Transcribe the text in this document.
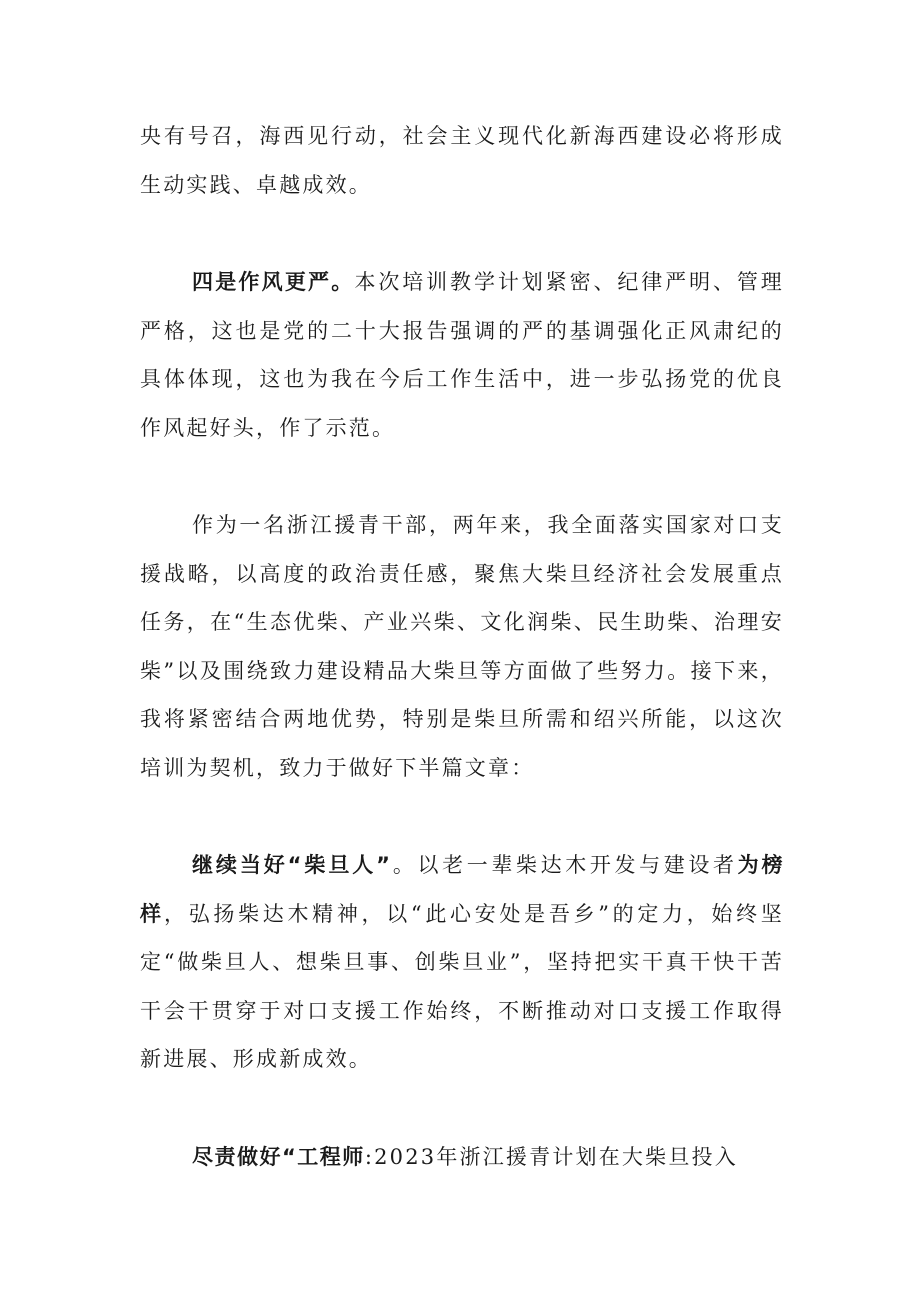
央有号召，海西见行动，社会主义现代化新海西建设必将形成生动实践、卓越成效。

四是作风更严。本次培训教学计划紧密、纪律严明、管理严格，这也是党的二十大报告强调的严的基调强化正风肃纪的具体体现，这也为我在今后工作生活中，进一步弘扬党的优良作风起好头，作了示范。

作为一名浙江援青干部，两年来，我全面落实国家对口支援战略，以高度的政治责任感，聚焦大柴旦经济社会发展重点任务，在“生态优柴、产业兴柴、文化润柴、民生助柴、治理安柴”以及围绕致力建设精品大柴旦等方面做了些努力。接下来，我将紧密结合两地优势，特别是柴旦所需和绍兴所能，以这次培训为契机，致力于做好下半篇文章：

继续当好“柴旦人”。以老一辈柴达木开发与建设者为榜样，弘扬柴达木精神，以“此心安处是吾乡”的定力，始终坚定“做柴旦人、想柴旦事、创柴旦业”，坚持把实干真干快干苦干会干贯穿于对口支援工作始终，不断推动对口支援工作取得新进展、形成新成效。

尽责做好“工程师:2023年浙江援青计划在大柴旦投入
